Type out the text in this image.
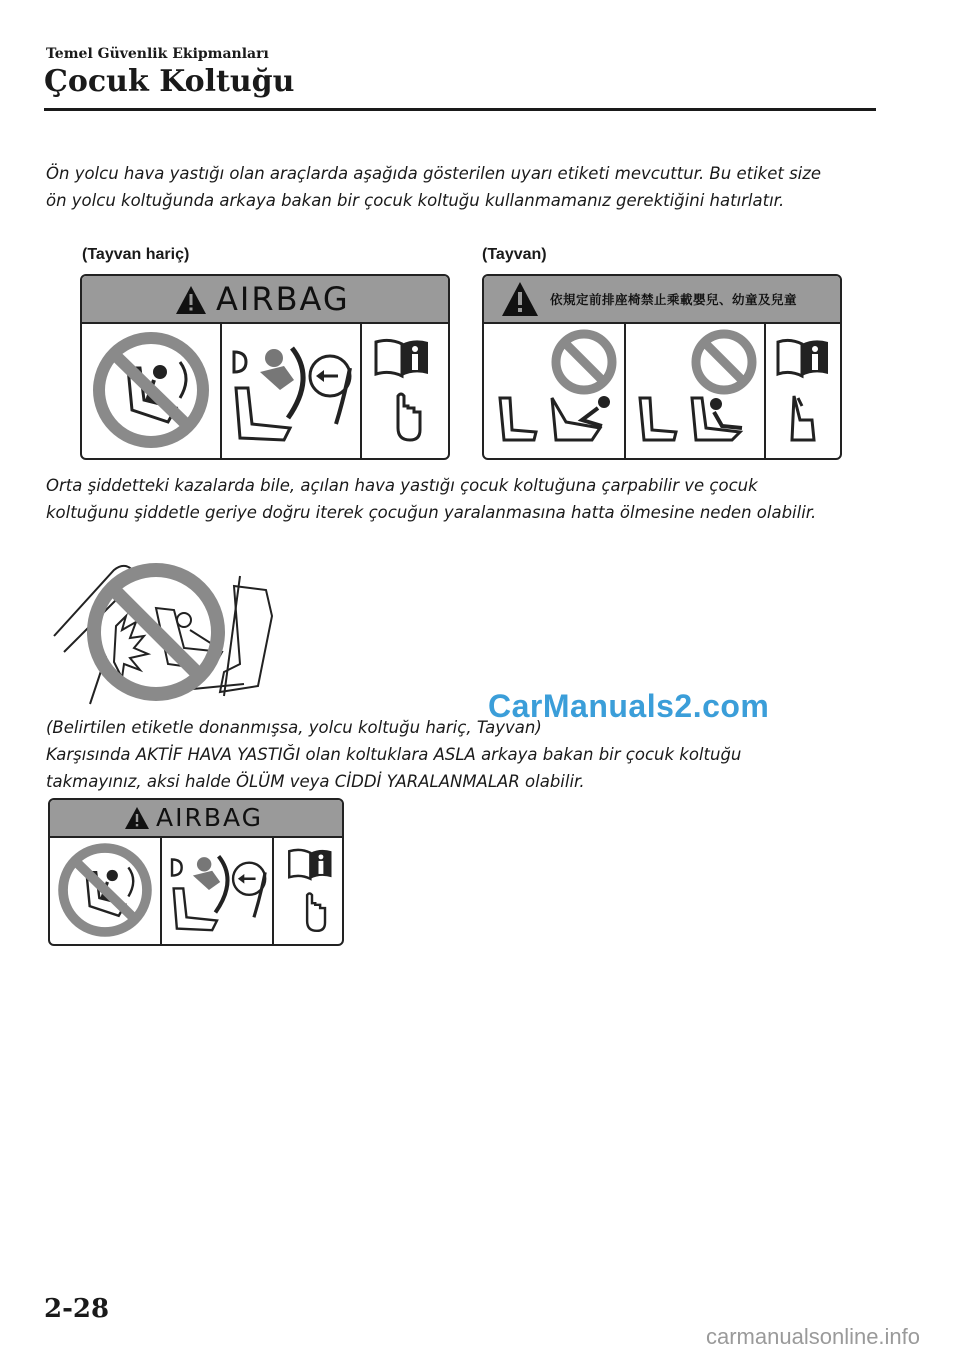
Temel Güvenlik Ekipmanları
Çocuk Koltuğu
Ön yolcu hava yastığı olan araçlarda aşağıda gösterilen uyarı etiketi mevcuttur. Bu etiket size
ön yolcu koltuğunda arkaya bakan bir çocuk koltuğu kullanmamanız gerektiğini hatırlatır.
(Tayvan hariç)	(Tayvan)
AIRBAG	依規定前排座椅禁止乘載嬰兒、幼童及兒童
Orta şiddetteki kazalarda bile, açılan hava yastığı çocuk koltuğuna çarpabilir ve çocuk
koltuğunu şiddetle geriye doğru iterek çocuğun yaralanmasına hatta ölmesine neden olabilir.
CarManuals2.com
(Belirtilen etiketle donanmışsa, yolcu koltuğu hariç, Tayvan)
Karşısında AKTİF HAVA YASTIĞI olan koltuklara ASLA arkaya bakan bir çocuk koltuğu
takmayınız, aksi halde ÖLÜM veya CİDDİ YARALANMALAR olabilir.
AIRBAG
2-28
carmanualsonline.info
